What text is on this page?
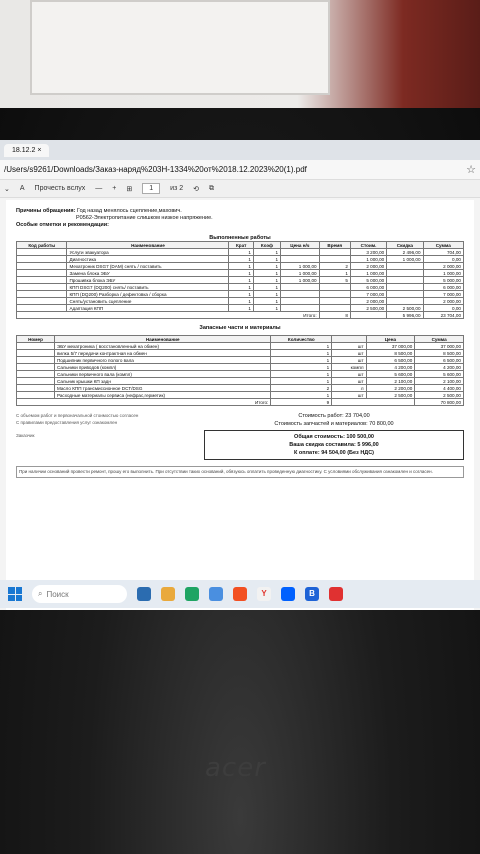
acer
18.12.2 ×
/Users/s9261/Downloads/Заказ-наряд%203Н-1334%20от%2018.12.2023%20(1).pdf	☆
⌄ A Прочесть вслух — + ⊞	1	из 2 ⟲ ⧉
Причины обращения: Год назад менялось сцепление,махович.
P0562-Электропитание слишком низкое напряжение.
Особые отметки и рекомендации:
Выполненные работы
Код работы	Наименование	Крат	Коэф	Цена н/ч	Время	Стоим.	Скидка	Сумма
	Услуги эвакуатора	1	1			3 200,00	2 496,00	704,00
	Диагностика	1	1			1 000,00	1 000,00	0,00
	Мехатроник DSG7 (DAM) снять / поставить	1	1	1 000,00	2	2 000,00		2 000,00
	Замена блока ЭБУ	1	1	1 000,00	1	1 000,00		1 000,00
	Прошивка блока ЭБУ	1	1	1 000,00	5	5 000,00		5 000,00
	КПП DSG7 (DQ200) снять/ поставить	1	1			6 000,00		6 000,00
	КПП (DQ200) Разборка / дефектовка / сборка	1	1			7 000,00		7 000,00
	Снять/установить сцепление	1	1			2 000,00		2 000,00
	Адаптация КПП	1	1			2 500,00	2 500,00	0,00
Итого:					8		5 996,00	23 704,00
Запасные части и материалы
Номер	Наименование	Количество		Цена	Сумма
	ЭБУ мехатроника ( восстановленный на обмен)	1	шт	37 000,00	37 000,00
	вилка 5/7 передачи контрактная на обмен	1	шт	8 500,00	8 500,00
	Подшипник первичного полого вала	1	шт	6 500,00	6 500,00
	Сальники приводов (компл)	1	компл	4 200,00	4 200,00
	Сальники первичного вала (компл)	1	шт	5 600,00	5 600,00
	Сальник крышки КП задн	1	шт	2 100,00	2 100,00
	Масло КПП трансмиссионное DCT/DSG	2	л	2 200,00	4 400,00
	Расходные материалы сервиса (нефрас,герметик)	1	шт	2 500,00	2 500,00
Итого:		9			70 800,00
С объемом работ и первоначальной стоимостью согласен
С правилами предоставления услуг ознакомлен
Заказчик
Стоимость работ: 23 704,00
Стоимость запчастей и материалов: 70 800,00
Общая стоимость: 100 500,00
Ваша скидка составила: 5 996,00
К оплате: 94 504,00 (Без НДС)
При наличии оснований провести ремонт, прошу его выполнить. При отсутствии таких оснований, обязуюсь оплатить проведенную диагностику. С условиями обслуживания ознакомлен и согласен.
⌕ Поиск	Y	B
